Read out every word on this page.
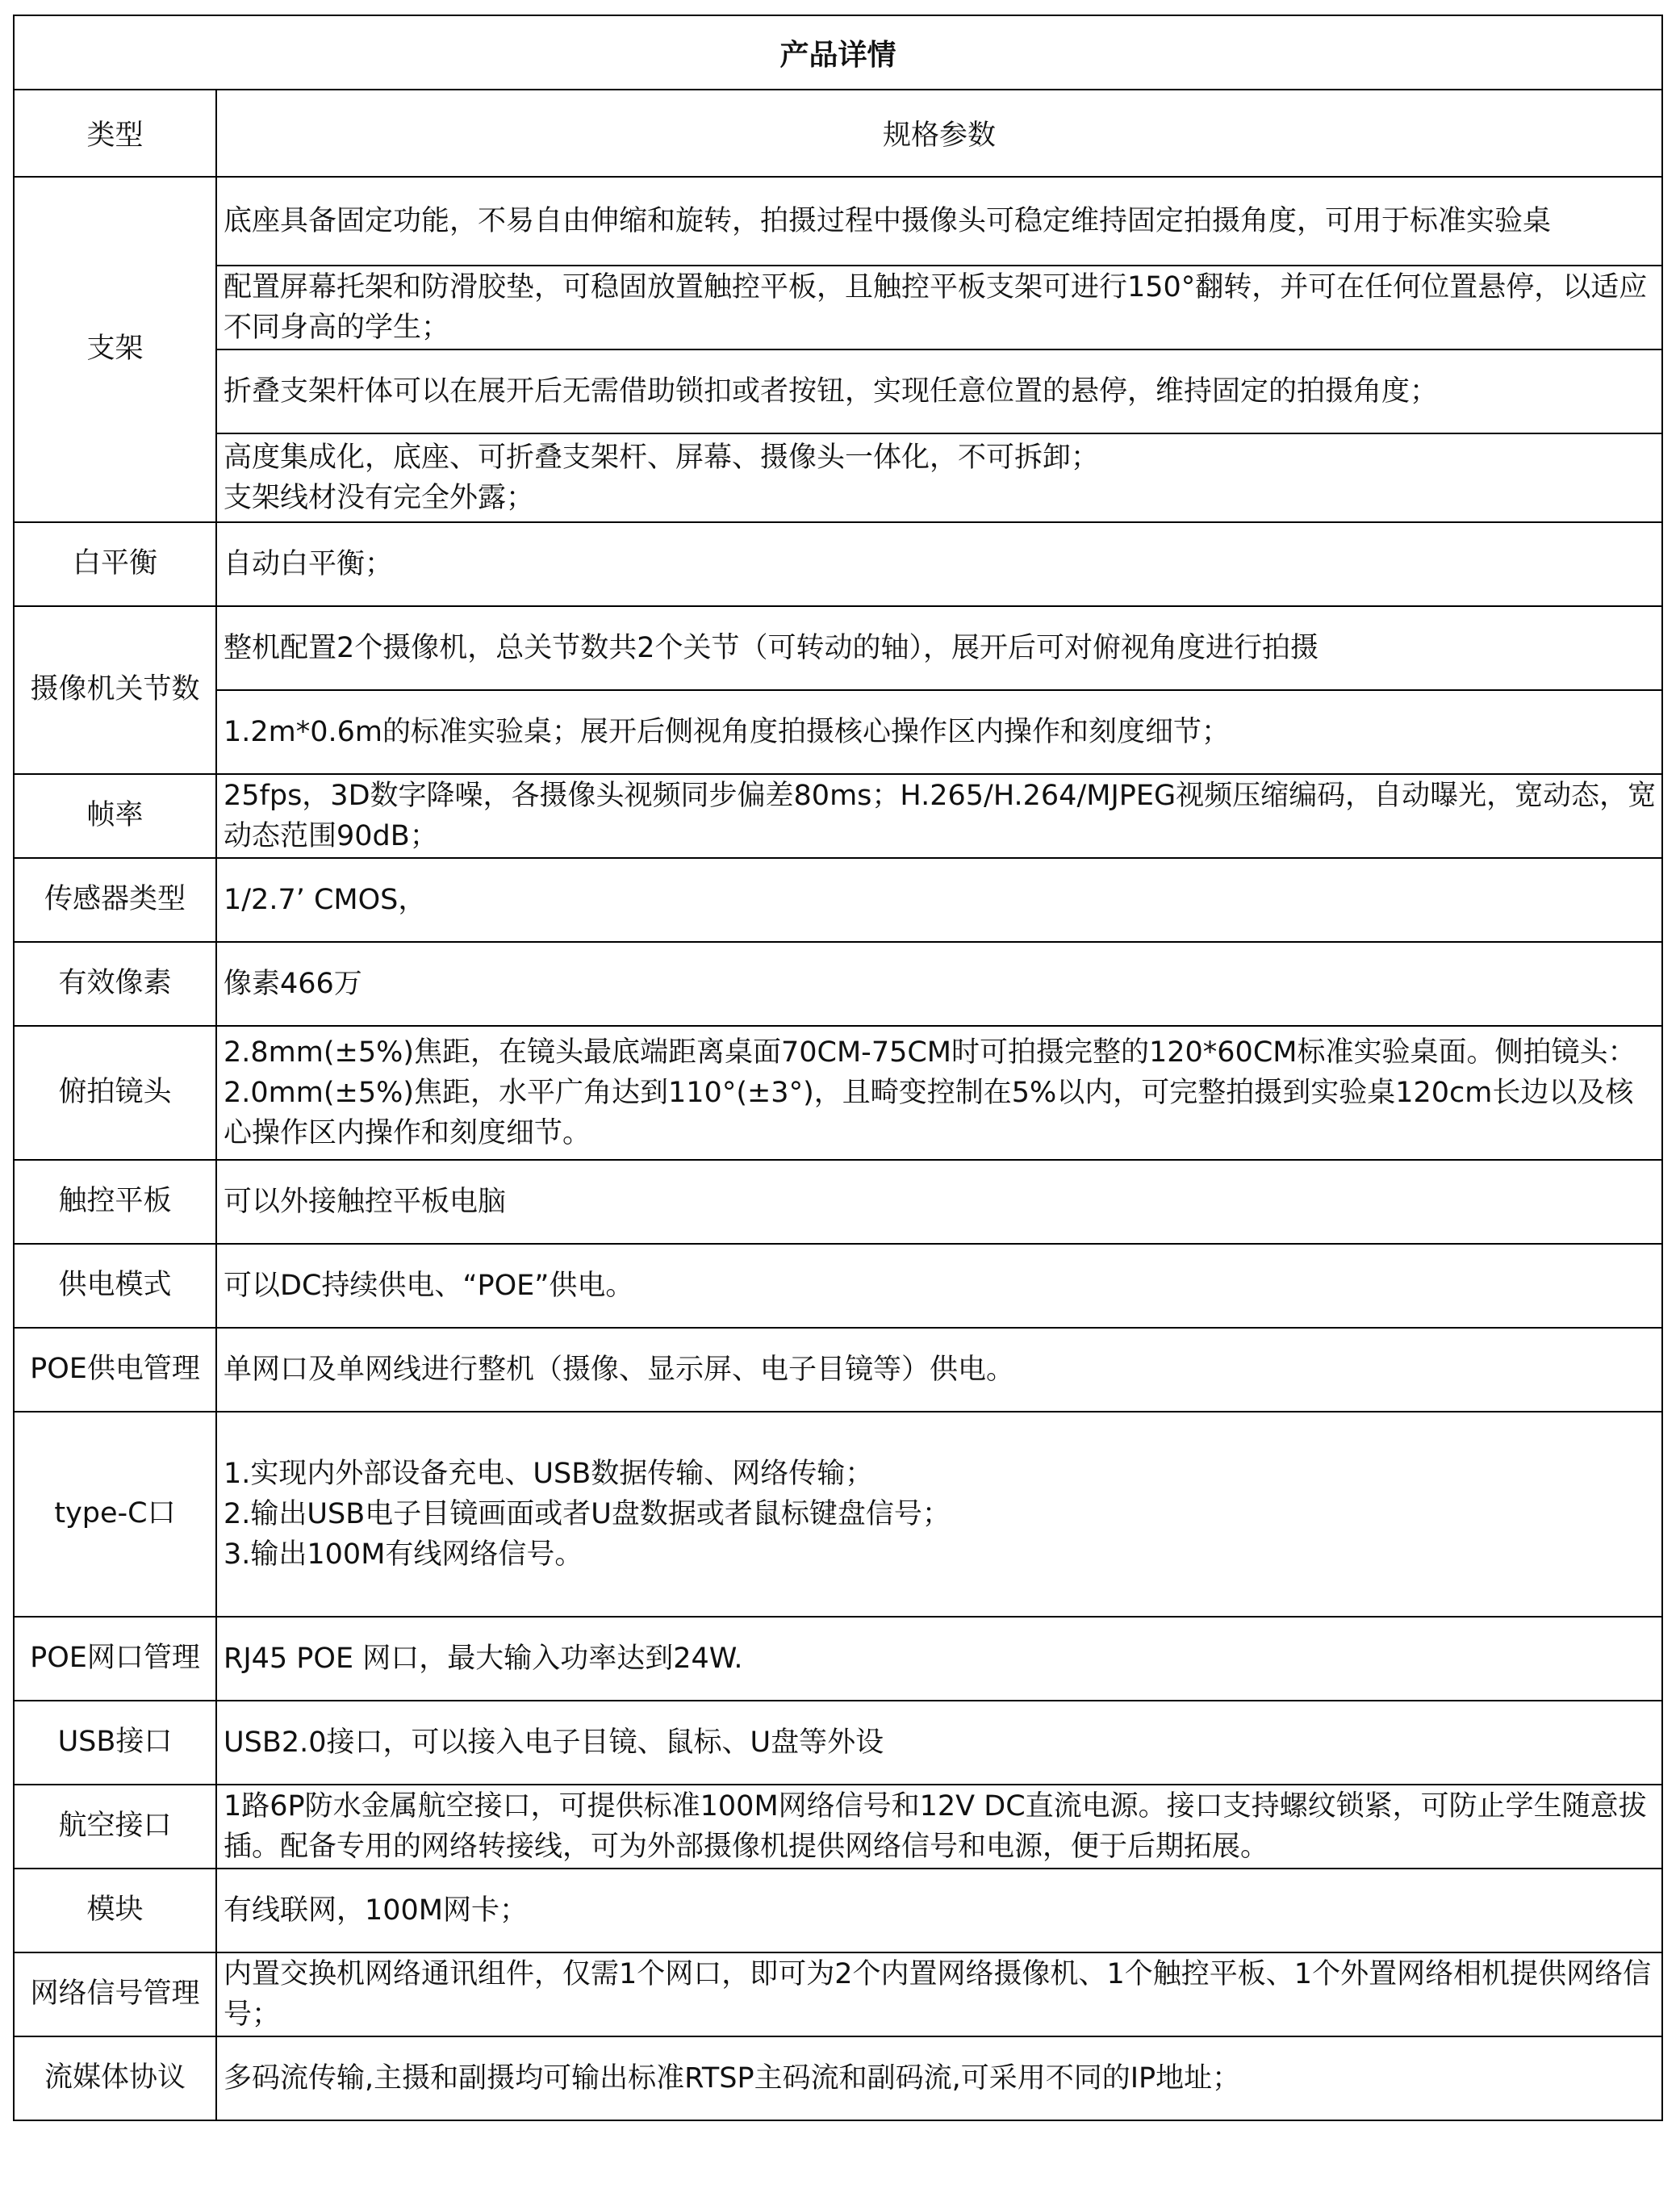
产品详情	
类型	规格参数
支架	底座具备固定功能，不易自由伸缩和旋转，拍摄过程中摄像头可稳定维持固定拍摄角度，可用于标准实验桌
	配置屏幕托架和防滑胶垫，可稳固放置触控平板，且触控平板支架可进行150°翻转，并可在任何位置悬停，以适应不同身高的学生；
	折叠支架杆体可以在展开后无需借助锁扣或者按钮，实现任意位置的悬停，维持固定的拍摄角度；

	高度集成化，底座、可折叠支架杆、屏幕、摄像头一体化，不可拆卸；
支架线材没有完全外露；

白平衡	自动白平衡；
摄像机关节数	整机配置2个摄像机，总关节数共2个关节（可转动的轴），展开后可对俯视角度进行拍摄
	1.2m*0.6m的标准实验桌；展开后侧视角度拍摄核心操作区内操作和刻度细节；
帧率	25fps，3D数字降噪，各摄像头视频同步偏差80ms；H.265/H.264/MJPEG视频压缩编码，自动曝光，宽动态，宽动态范围90dB；
传感器类型	1/2.7’ CMOS，
有效像素	像素466万
俯拍镜头	2.8mm(±5%)焦距，在镜头最底端距离桌面70CM-75CM时可拍摄完整的120*60CM标准实验桌面。侧拍镜头： 2.0mm(±5%)焦距，水平广角达到110°(±3°)，且畸变控制在5%以内，可完整拍摄到实验桌120cm长边以及核心操作区内操作和刻度细节。
触控平板	可以外接触控平板电脑
供电模式	可以DC持续供电、“POE”供电。
POE供电管理	单网口及单网线进行整机（摄像、显示屏、电子目镜等）供电。
type-C口	1.实现内外部设备充电、USB数据传输、网络传输；
2.输出USB电子目镜画面或者U盘数据或者鼠标键盘信号；
3.输出100M有线网络信号。

POE网口管理	RJ45 POE 网口，最大输入功率达到24W.
USB接口	USB2.0接口，可以接入电子目镜、鼠标、U盘等外设
航空接口	1路6P防水金属航空接口，可提供标准100M网络信号和12V DC直流电源。接口支持螺纹锁紧，可防止学生随意拔插。配备专用的网络转接线，可为外部摄像机提供网络信号和电源，便于后期拓展。
模块	有线联网，100M网卡；
网络信号管理	内置交换机网络通讯组件，仅需1个网口，即可为2个内置网络摄像机、1个触控平板、1个外置网络相机提供网络信号；
流媒体协议	多码流传输,主摄和副摄均可输出标准RTSP主码流和副码流,可采用不同的IP地址；
